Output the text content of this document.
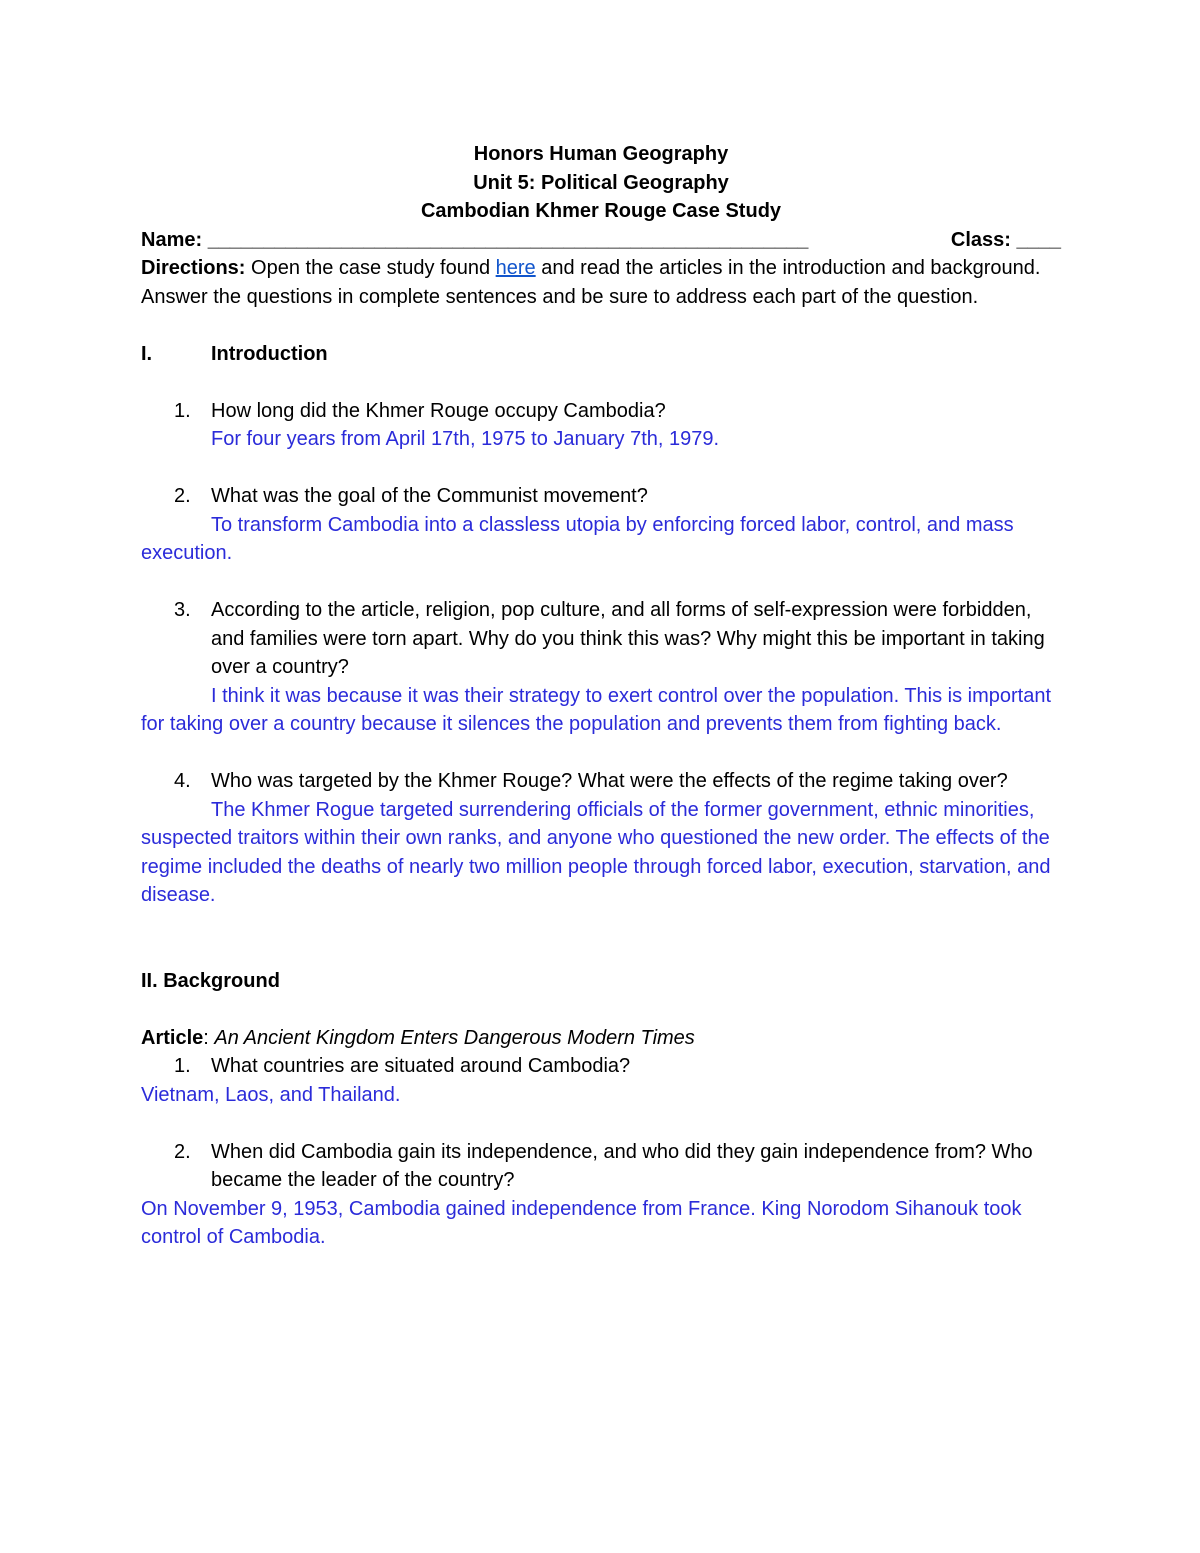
Honors Human Geography
Unit 5: Political Geography
Cambodian Khmer Rouge Case Study
Name: ______________________________________________________	Class: ____
Directions: Open the case study found here and read the articles in the introduction and background. Answer the questions in complete sentences and be sure to address each part of the question.
I.	Introduction
1.	How long did the Khmer Rouge occupy Cambodia?
For four years from April 17th, 1975 to January 7th, 1979.
2.	What was the goal of the Communist movement?
To transform Cambodia into a classless utopia by enforcing forced labor, control, and mass execution.
3.	According to the article, religion, pop culture, and all forms of self-expression were forbidden, and families were torn apart. Why do you think this was? Why might this be important in taking over a country?
I think it was because it was their strategy to exert control over the population. This is important for taking over a country because it silences the population and prevents them from fighting back.
4.	Who was targeted by the Khmer Rouge? What were the effects of the regime taking over?
The Khmer Rogue targeted surrendering officials of the former government, ethnic minorities, suspected traitors within their own ranks, and anyone who questioned the new order. The effects of the regime included the deaths of nearly two million people through forced labor, execution, starvation, and disease.
II. Background
Article: An Ancient Kingdom Enters Dangerous Modern Times
1.	What countries are situated around Cambodia?
Vietnam, Laos, and Thailand.
2.	When did Cambodia gain its independence, and who did they gain independence from? Who became the leader of the country?
On November 9, 1953, Cambodia gained independence from France. King Norodom Sihanouk took control of Cambodia.
